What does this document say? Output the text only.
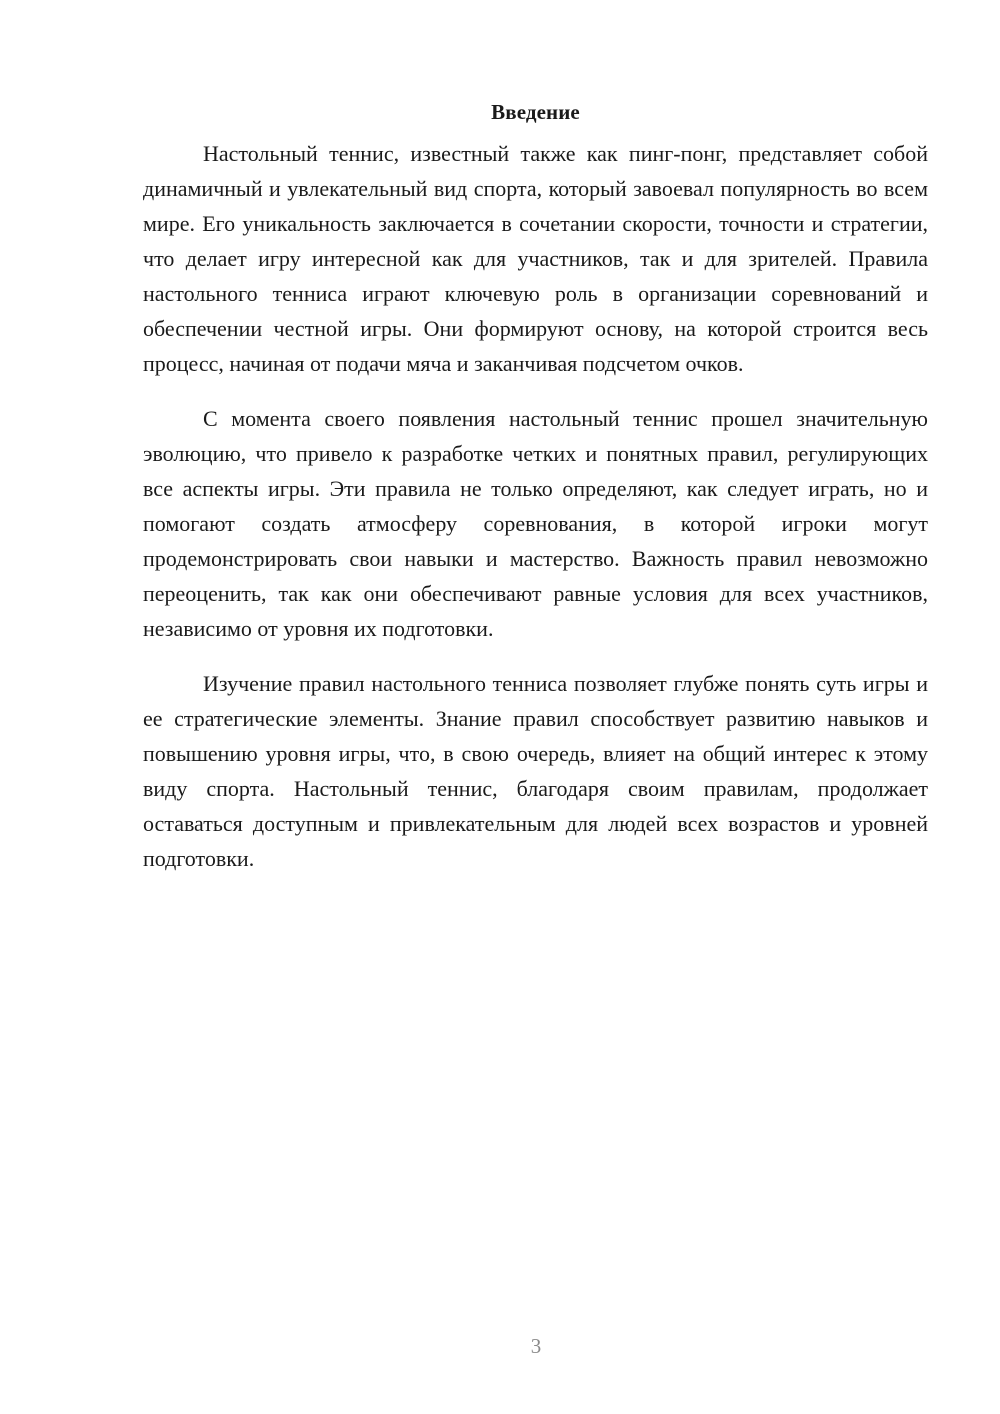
Введение

Настольный теннис, известный также как пинг-понг, представляет собой динамичный и увлекательный вид спорта, который завоевал популярность во всем мире. Его уникальность заключается в сочетании скорости, точности и стратегии, что делает игру интересной как для участников, так и для зрителей. Правила настольного тенниса играют ключевую роль в организации соревнований и обеспечении честной игры. Они формируют основу, на которой строится весь процесс, начиная от подачи мяча и заканчивая подсчетом очков.

С момента своего появления настольный теннис прошел значительную эволюцию, что привело к разработке четких и понятных правил, регулирующих все аспекты игры. Эти правила не только определяют, как следует играть, но и помогают создать атмосферу соревнования, в которой игроки могут продемонстрировать свои навыки и мастерство. Важность правил невозможно переоценить, так как они обеспечивают равные условия для всех участников, независимо от уровня их подготовки.

Изучение правил настольного тенниса позволяет глубже понять суть игры и ее стратегические элементы. Знание правил способствует развитию навыков и повышению уровня игры, что, в свою очередь, влияет на общий интерес к этому виду спорта. Настольный теннис, благодаря своим правилам, продолжает оставаться доступным и привлекательным для людей всех возрастов и уровней подготовки.

3
